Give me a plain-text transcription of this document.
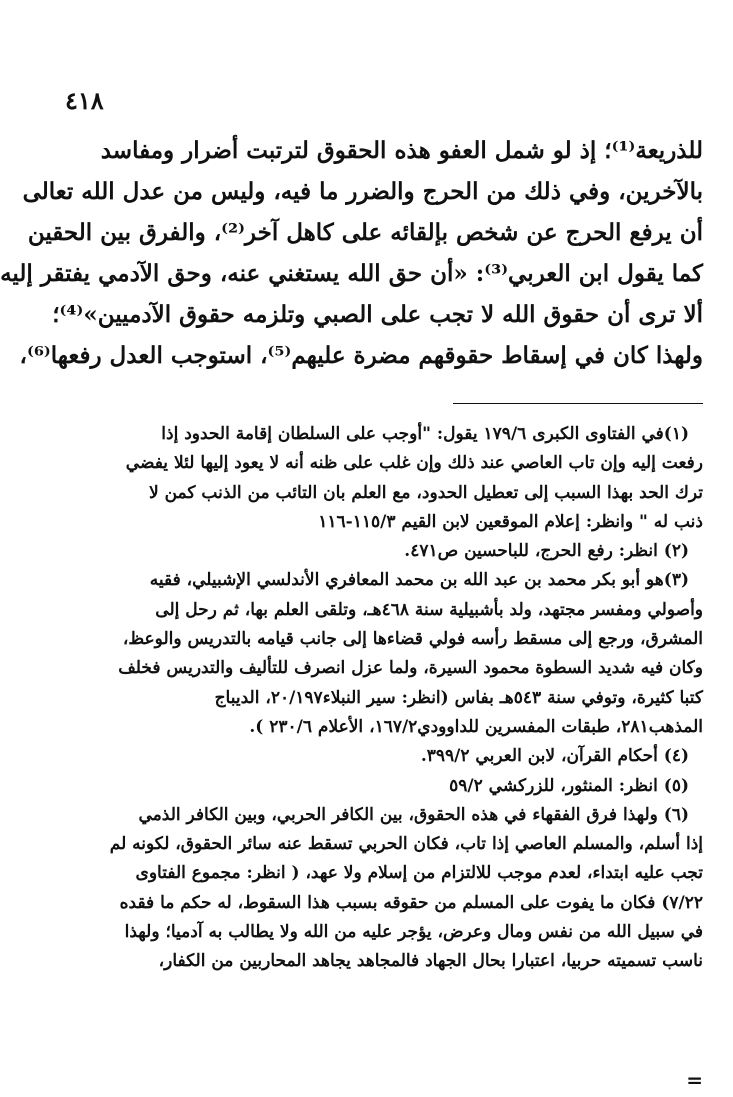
٤١٨
للذريعة⁽¹⁾؛ إذ لو شمل العفو هذه الحقوق لترتبت أضرار ومفاسد
بالآخرين، وفي ذلك من الحرج والضرر ما فيه، وليس من عدل الله تعالى
أن يرفع الحرج عن شخص بإلقائه على كاهل آخر⁽²⁾، والفرق بين الحقين
كما يقول ابن العربي⁽³⁾: «أن حق الله يستغني عنه، وحق الآدمي يفتقر إليه
ألا ترى أن حقوق الله لا تجب على الصبي وتلزمه حقوق الآدميين»⁽⁴⁾؛
ولهذا كان في إسقاط حقوقهم مضرة عليهم⁽⁵⁾، استوجب العدل رفعها⁽⁶⁾،
(١)في الفتاوى الكبرى ١٧٩/٦ يقول: "أوجب على السلطان إقامة الحدود إذا
رفعت إليه وإن تاب العاصي عند ذلك وإن غلب على ظنه أنه لا يعود إليها لئلا يفضي
ترك الحد بهذا السبب إلى تعطيل الحدود، مع العلم بان التائب من الذنب كمن لا
ذنب له " وانظر: إعلام الموقعين لابن القيم ١١٥/٣-١١٦
(٢) انظر: رفع الحرج، للباحسين ص٤٧١.
(٣)هو أبو بكر محمد بن عبد الله بن محمد المعافري الأندلسي الإشبيلي، فقيه
وأصولي ومفسر مجتهد، ولد بأشبيلية سنة ٤٦٨هـ، وتلقى العلم بها، ثم رحل إلى
المشرق، ورجع إلى مسقط رأسه فولي قضاءها إلى جانب قيامه بالتدريس والوعظ،
وكان فيه شديد السطوة محمود السيرة، ولما عزل انصرف للتأليف والتدريس فخلف
كتبا كثيرة، وتوفي سنة ٥٤٣هـ بفاس (انظر: سير النبلاء٢٠/١٩٧، الديباج
المذهب٢٨١، طبقات المفسرين للداوودي١٦٧/٢، الأعلام ٢٣٠/٦ ).
(٤) أحكام القرآن، لابن العربي ٣٩٩/٢.
(٥) انظر: المنثور، للزركشي ٥٩/٢
(٦) ولهذا فرق الفقهاء في هذه الحقوق، بين الكافر الحربي، وبين الكافر الذمي
إذا أسلم، والمسلم العاصي إذا تاب، فكان الحربي تسقط عنه سائر الحقوق، لكونه لم
تجب عليه ابتداء، لعدم موجب للالتزام من إسلام ولا عهد، ( انظر: مجموع الفتاوى
٧/٢٢) فكان ما يفوت على المسلم من حقوقه بسبب هذا السقوط، له حكم ما فقده
في سبيل الله من نفس ومال وعرض، يؤجر عليه من الله ولا يطالب به آدميا؛ ولهذا
ناسب تسميته حربيا، اعتبارا بحال الجهاد فالمجاهد يجاهد المحاربين من الكفار،
=
